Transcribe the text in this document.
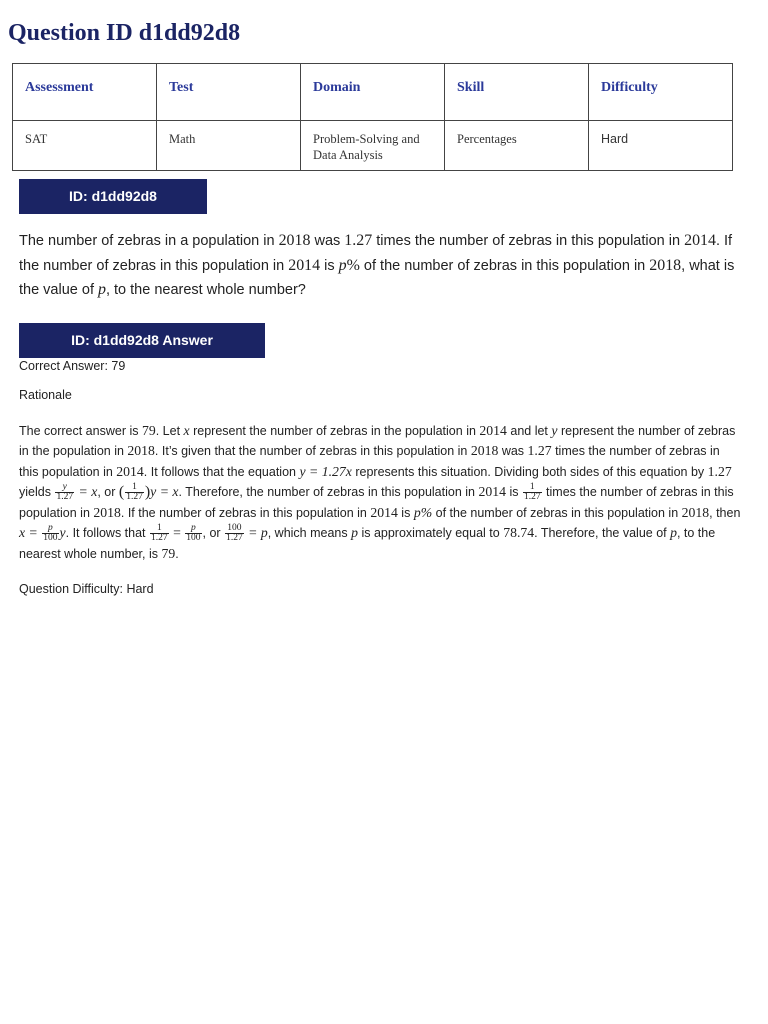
Question ID d1dd92d8
Assessment	Test	Domain	Skill	Difficulty
SAT	Math	Problem-Solving and Data Analysis	Percentages	Hard
ID: d1dd92d8

The number of zebras in a population in 2018 was 1.27 times the number of zebras in this population in 2014. If the number of zebras in this population in 2014 is p% of the number of zebras in this population in 2018, what is the value of p, to the nearest whole number?

ID: d1dd92d8 Answer

Correct Answer: 79

Rationale

The correct answer is 79. Let x represent the number of zebras in the population in 2014 and let y represent the number of zebras in the population in 2018. It’s given that the number of zebras in this population in 2018 was 1.27 times the number of zebras in this population in 2014. It follows that the equation y = 1.27x represents this situation. Dividing both sides of this equation by 1.27 yields $\frac{y}{1.27} = x$, or ( $\frac{1}{1.27} )y = x$. Therefore, the number of zebras in this population in 2014 is $\frac{1}{1.27}$ times the number of zebras in this population in 2018. If the number of zebras in this population in 2014 is p% of the number of zebras in this population in 2018, then $x = \frac{p}{100} y$. It follows that $\frac{1}{1.27} = \frac{p}{100}$ , or $\frac{100}{1.27} = p$, which means p is approximately equal to 78.74. Therefore, the value of p, to the nearest whole number, is 79.

Question Difficulty: Hard
